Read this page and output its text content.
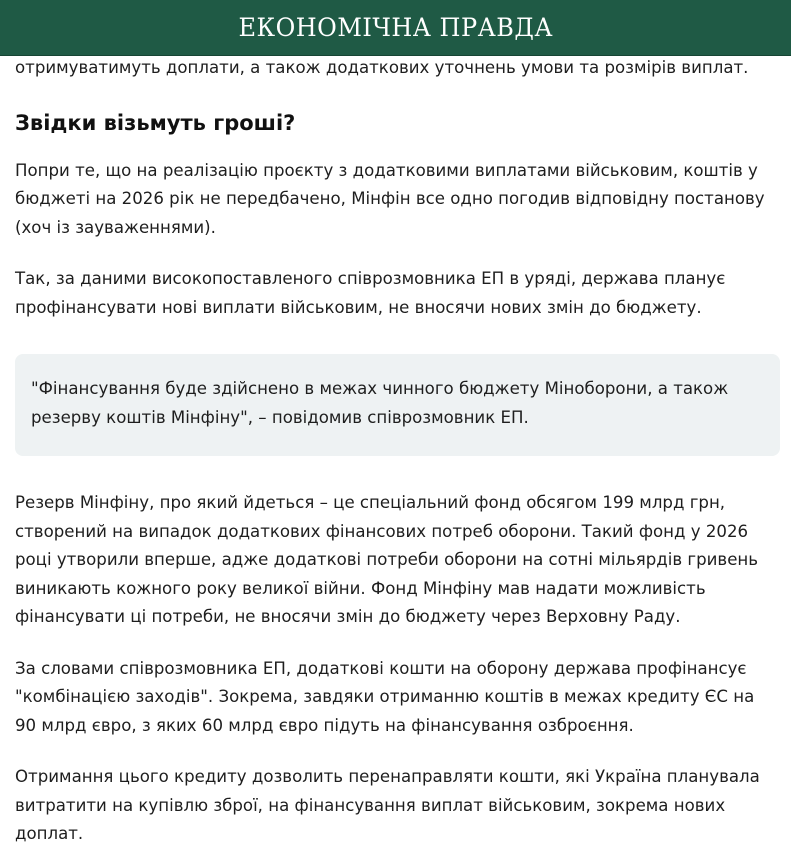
ЕКОНОМІЧНА ПРАВДА

отримуватимуть доплати, а також додаткових уточнень умови та розмірів виплат.

Звідки візьмуть гроші?

Попри те, що на реалізацію проєкту з додатковими виплатами військовим, коштів у бюджеті на 2026 рік не передбачено, Мінфін все одно погодив відповідну постанову (хоч із зауваженнями).

Так, за даними високопоставленого співрозмовника ЕП в уряді, держава планує профінансувати нові виплати військовим, не вносячи нових змін до бюджету.

"Фінансування буде здійснено в межах чинного бюджету Міноборони, а також резерву коштів Мінфіну", – повідомив співрозмовник ЕП.

Резерв Мінфіну, про який йдеться – це спеціальний фонд обсягом 199 млрд грн, створений на випадок додаткових фінансових потреб оборони. Такий фонд у 2026 році утворили вперше, адже додаткові потреби оборони на сотні мільярдів гривень виникають кожного року великої війни. Фонд Мінфіну мав надати можливість фінансувати ці потреби, не вносячи змін до бюджету через Верховну Раду.

За словами співрозмовника ЕП, додаткові кошти на оборону держава профінансує "комбінацією заходів". Зокрема, завдяки отриманню коштів в межах кредиту ЄС на 90 млрд євро, з яких 60 млрд євро підуть на фінансування озброєння.

Отримання цього кредиту дозволить перенаправляти кошти, які Україна планувала витратити на купівлю зброї, на фінансування виплат військовим, зокрема нових доплат.
